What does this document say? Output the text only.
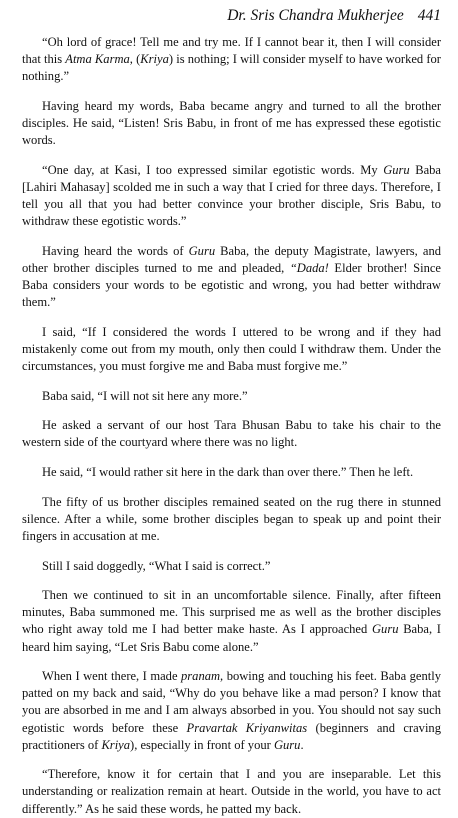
Dr. Sris Chandra Mukherjee 441

“Oh lord of grace! Tell me and try me. If I cannot bear it, then I will consider that this Atma Karma, (Kriya) is nothing; I will consider myself to have worked for nothing.”

Having heard my words, Baba became angry and turned to all the brother disciples. He said, “Listen! Sris Babu, in front of me has expressed these egotistic words.

“One day, at Kasi, I too expressed similar egotistic words. My Guru Baba [Lahiri Mahasay] scolded me in such a way that I cried for three days. Therefore, I tell you all that you had better convince your brother disciple, Sris Babu, to withdraw these egotistic words.”

Having heard the words of Guru Baba, the deputy Magistrate, lawyers, and other brother disciples turned to me and pleaded, “Dada! Elder brother! Since Baba considers your words to be egotistic and wrong, you had better withdraw them.”

I said, “If I considered the words I uttered to be wrong and if they had mistakenly come out from my mouth, only then could I withdraw them. Under the circumstances, you must forgive me and Baba must forgive me.”

Baba said, “I will not sit here any more.”

He asked a servant of our host Tara Bhusan Babu to take his chair to the western side of the courtyard where there was no light.

He said, “I would rather sit here in the dark than over there.” Then he left.

The fifty of us brother disciples remained seated on the rug there in stunned silence. After a while, some brother disciples began to speak up and point their fingers in accusation at me.

Still I said doggedly, “What I said is correct.”

Then we continued to sit in an uncomfortable silence. Finally, after fifteen minutes, Baba summoned me. This surprised me as well as the brother disciples who right away told me I had better make haste. As I approached Guru Baba, I heard him saying, “Let Sris Babu come alone.”

When I went there, I made pranam, bowing and touching his feet. Baba gently patted on my back and said, “Why do you behave like a mad person? I know that you are absorbed in me and I am always absorbed in you. You should not say such egotistic words before these Pravartak Kriyanwitas (beginners and craving practitioners of Kriya), especially in front of your Guru.

“Therefore, know it for certain that I and you are inseparable. Let this understanding or realization remain at heart. Outside in the world, you have to act differently.” As he said these words, he patted my back.
